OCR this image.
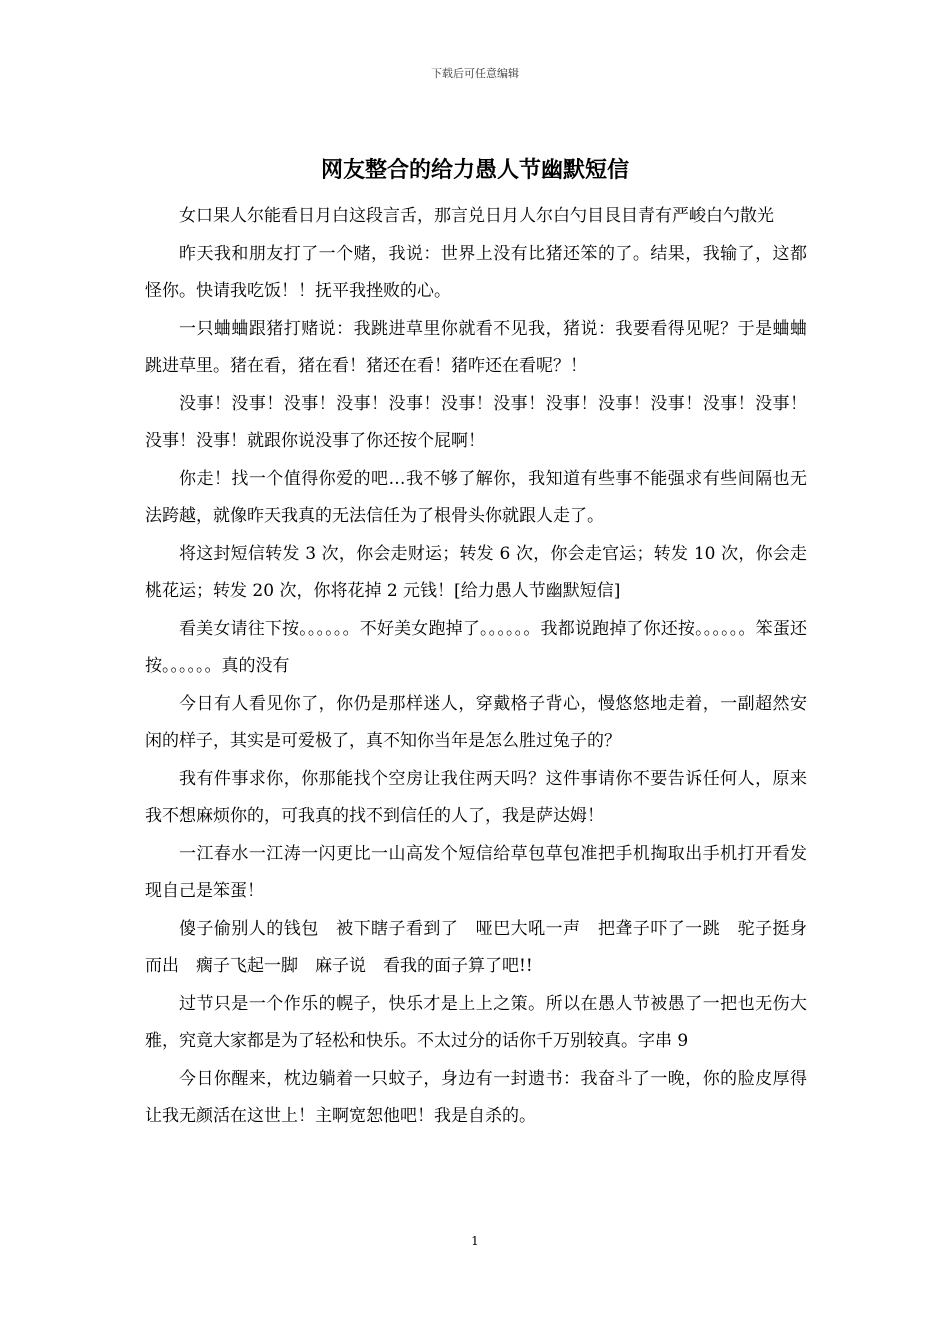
下载后可任意编辑
网友整合的给力愚人节幽默短信

女口果人尔能看日月白这段言舌，那言兑日月人尔白勺目艮目青有严峻白勺散光

昨天我和朋友打了一个赌，我说：世界上没有比猪还笨的了。结果，我输了，这都怪你。快请我吃饭！！抚平我挫败的心。

一只蛐蛐跟猪打赌说：我跳进草里你就看不见我，猪说：我要看得见呢？于是蛐蛐跳进草里。猪在看，猪在看！猪还在看！猪咋还在看呢？！

没事！没事！没事！没事！没事！没事！没事！没事！没事！没事！没事！没事！没事！没事！就跟你说没事了你还按个屁啊！

你走！找一个值得你爱的吧…我不够了解你，我知道有些事不能强求有些间隔也无法跨越，就像昨天我真的无法信任为了根骨头你就跟人走了。

将这封短信转发 3 次，你会走财运；转发 6 次，你会走官运；转发 10 次，你会走桃花运；转发 20 次，你将花掉 2 元钱！[给力愚人节幽默短信]

看美女请往下按。。。。。。不好美女跑掉了。。。。。。我都说跑掉了你还按。。。。。。笨蛋还按。。。。。。真的没有

今日有人看见你了，你仍是那样迷人，穿戴格子背心，慢悠悠地走着，一副超然安闲的样子，其实是可爱极了，真不知你当年是怎么胜过兔子的？

我有件事求你，你那能找个空房让我住两天吗？这件事请你不要告诉任何人，原来我不想麻烦你的，可我真的找不到信任的人了，我是萨达姆！

一江春水一江涛一闪更比一山高发个短信给草包草包准把手机掏取出手机打开看发现自己是笨蛋！

傻子偷别人的钱包　被下瞎子看到了　哑巴大吼一声　把聋子吓了一跳　驼子挺身而出　瘸子飞起一脚　麻子说　看我的面子算了吧!!

过节只是一个作乐的幌子，快乐才是上上之策。所以在愚人节被愚了一把也无伤大雅，究竟大家都是为了轻松和快乐。不太过分的话你千万别较真。字串 9

今日你醒来，枕边躺着一只蚊子，身边有一封遗书：我奋斗了一晚，你的脸皮厚得让我无颜活在这世上！主啊宽恕他吧！我是自杀的。

1
